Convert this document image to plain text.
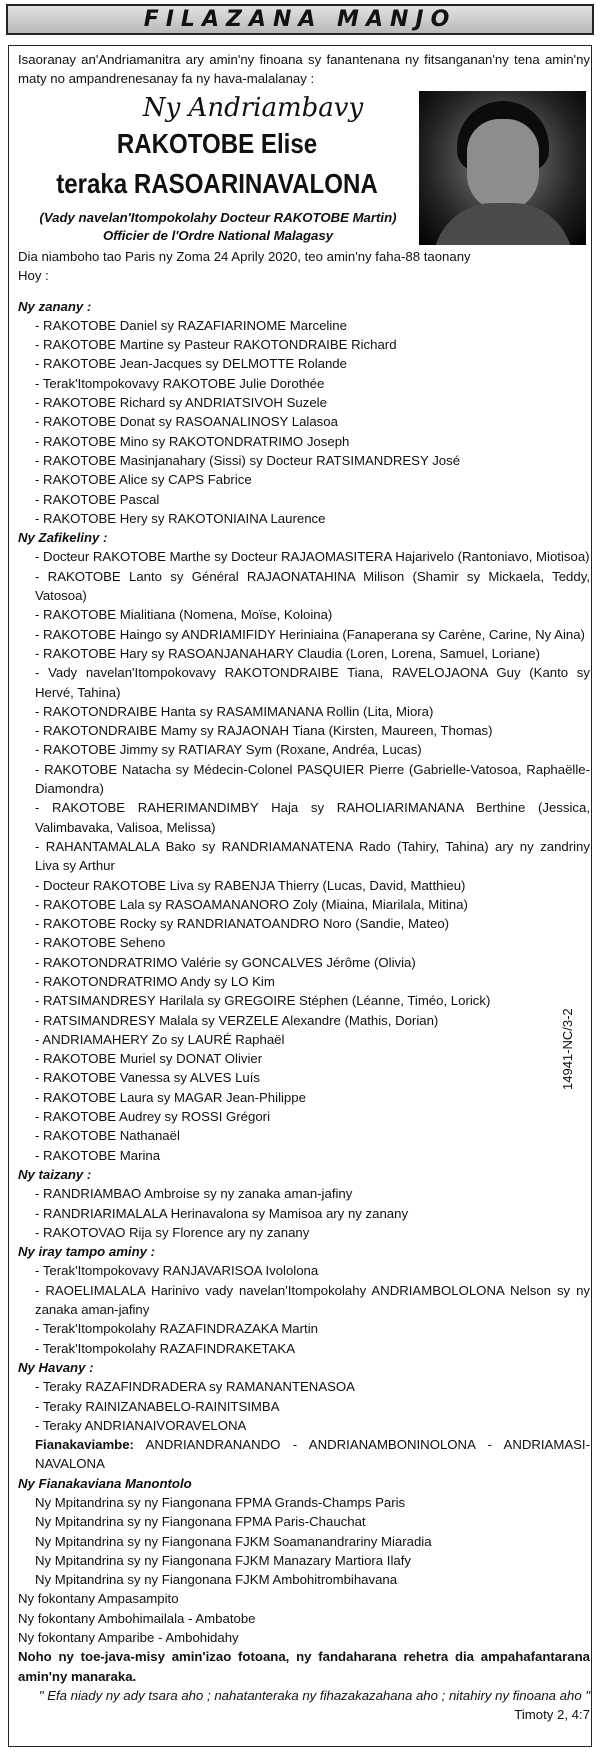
FILAZANA MANJO

Isaoranay an'Andriamanitra ary amin'ny finoana sy fanantenana ny fitsanganan'ny tena amin'ny maty no ampandrenesanay fa ny hava-malalanay :

Ny Andriambavy
RAKOTOBE Elise
teraka RASOARINAVALONA
(Vady navelan'Itompokolahy Docteur RAKOTOBE Martin)
Officier de l'Ordre National Malagasy
Dia niamboho tao Paris ny Zoma 24 Aprily 2020, teo amin'ny faha-88 taonany
Hoy :

Ny zanany :

- RAKOTOBE Daniel sy RAZAFIARINOME Marceline

- RAKOTOBE Martine sy Pasteur RAKOTONDRAIBE Richard

- RAKOTOBE Jean-Jacques sy DELMOTTE Rolande

- Terak'Itompokovavy RAKOTOBE Julie Dorothée

- RAKOTOBE Richard sy ANDRIATSIVOH Suzele

- RAKOTOBE Donat sy RASOANALINOSY Lalasoa

- RAKOTOBE Mino sy RAKOTONDRATRIMO Joseph

- RAKOTOBE Masinjanahary (Sissi) sy Docteur RATSIMANDRESY José

- RAKOTOBE Alice sy CAPS Fabrice

- RAKOTOBE Pascal

- RAKOTOBE Hery sy RAKOTONIAINA Laurence

Ny Zafikeliny :

- Docteur RAKOTOBE Marthe sy Docteur RAJAOMASITERA Hajarivelo (Rantoniavo, Miotisoa)

- RAKOTOBE Lanto sy Général RAJAONATAHINA Milison (Shamir sy Mickaela, Teddy, Vatosoa)

- RAKOTOBE Mialitiana (Nomena, Moïse, Koloina)

- RAKOTOBE Haingo sy ANDRIAMIFIDY Heriniaina (Fanaperana sy Carène, Carine, Ny Aina)

- RAKOTOBE Hary sy RASOANJANAHARY Claudia (Loren, Lorena, Samuel, Loriane)

- Vady navelan'Itompokovavy RAKOTONDRAIBE Tiana, RAVELOJAONA Guy (Kanto sy Hervé, Tahina)

- RAKOTONDRAIBE Hanta sy RASAMIMANANA Rollin (Lita, Miora)

- RAKOTONDRAIBE Mamy sy RAJAONAH Tiana (Kirsten, Maureen, Thomas)

- RAKOTOBE Jimmy sy RATIARAY Sym (Roxane, Andréa, Lucas)

- RAKOTOBE Natacha sy Médecin-Colonel PASQUIER Pierre (Gabrielle-Vatosoa, Raphaëlle-Diamondra)

- RAKOTOBE RAHERIMANDIMBY Haja sy RAHOLIARIMANANA Berthine (Jessica, Valimbavaka, Valisoa, Melissa)

- RAHANTAMALALA Bako sy RANDRIAMANATENA Rado (Tahiry, Tahina) ary ny zandriny Liva sy Arthur

- Docteur RAKOTOBE Liva sy RABENJA Thierry (Lucas, David, Matthieu)

- RAKOTOBE Lala sy RASOAMANANORO Zoly (Miaina, Miarilala, Mitina)

- RAKOTOBE Rocky sy RANDRIANATOANDRO Noro (Sandie, Mateo)

- RAKOTOBE Seheno

- RAKOTONDRATRIMO Valérie sy GONCALVES Jérôme (Olivia)

- RAKOTONDRATRIMO Andy sy LO Kim

- RATSIMANDRESY Harilala sy GREGOIRE Stéphen (Léanne, Timéo, Lorick)

- RATSIMANDRESY Malala sy VERZELE Alexandre (Mathis, Dorian)

- ANDRIAMAHERY Zo sy LAURÉ Raphaël

- RAKOTOBE Muriel sy DONAT Olivier

- RAKOTOBE Vanessa sy ALVES Luís

- RAKOTOBE Laura sy MAGAR Jean-Philippe

- RAKOTOBE Audrey sy ROSSI Grégori

- RAKOTOBE Nathanaël

- RAKOTOBE Marina

Ny taizany :

- RANDRIAMBAO Ambroise sy ny zanaka aman-jafiny

- RANDRIARIMALALA Herinavalona sy Mamisoa ary ny zanany

- RAKOTOVAO Rija sy Florence ary ny zanany

Ny iray tampo aminy :

- Terak'Itompokovavy RANJAVARISOA Ivololona

- RAOELIMALALA Harinivo vady navelan'Itompokolahy ANDRIAMBOLOLONA Nelson sy ny zanaka aman-jafiny

- Terak'Itompokolahy RAZAFINDRAZAKA Martin

- Terak'Itompokolahy RAZAFINDRAKETAKA

Ny Havany :

- Teraky RAZAFINDRADERA sy RAMANANTENASOA

- Teraky RAINIZANABELO-RAINITSIMBA

- Teraky ANDRIANAIVORAVELONA

Fianakaviambe: ANDRIANDRANANDO - ANDRIANAMBONINOLONA - ANDRIAMASI-NAVALONA

Ny Fianakaviana Manontolo

Ny Mpitandrina sy ny Fiangonana FPMA Grands-Champs Paris

Ny Mpitandrina sy ny Fiangonana FPMA Paris-Chauchat

Ny Mpitandrina sy ny Fiangonana FJKM Soamanandrariny Miaradia

Ny Mpitandrina sy ny Fiangonana FJKM Manazary Martiora Ilafy

Ny Mpitandrina sy ny Fiangonana FJKM Ambohitrombihavana

Ny fokontany Ampasampito

Ny fokontany Ambohimailala - Ambatobe

Ny fokontany Amparibe - Ambohidahy

Noho ny toe-java-misy amin'izao fotoana, ny fandaharana rehetra dia ampahafantarana amin'ny manaraka.

" Efa niady ny ady tsara aho ; nahatanteraka ny fihazakazahana aho ; nitahiry ny finoana aho "

Timoty 2, 4:7

14941-NC/3-2
